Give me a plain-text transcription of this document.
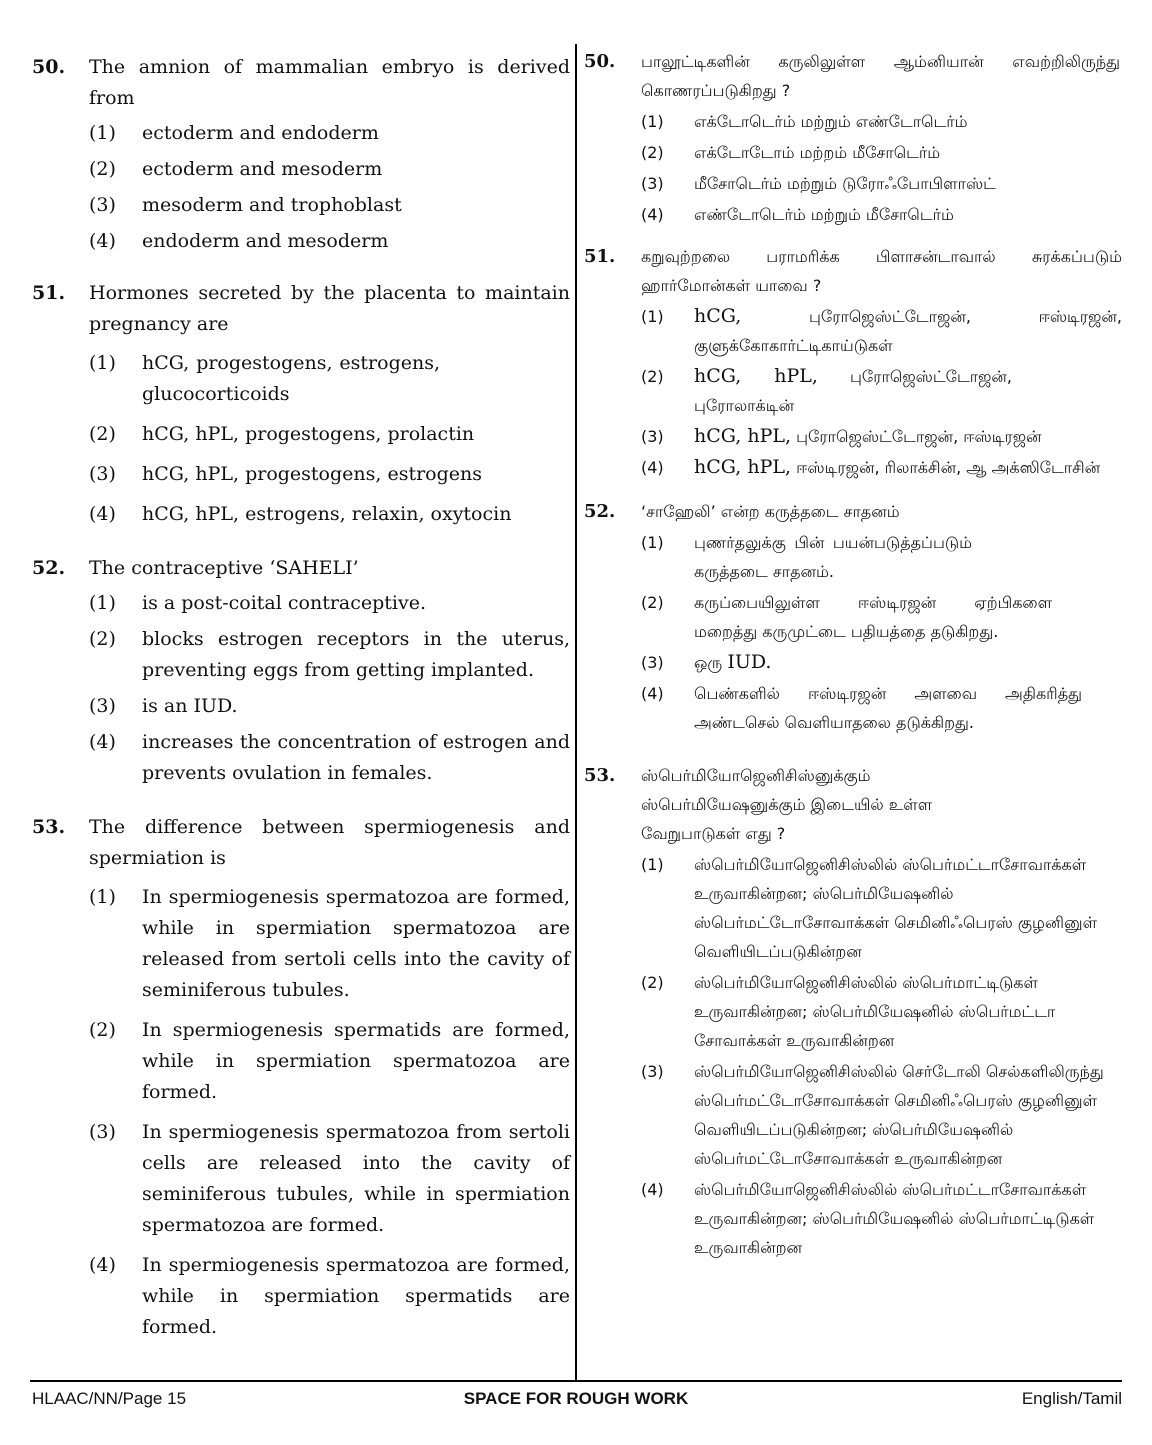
50. The amnion of mammalian embryo is derived from
(1) ectoderm and endoderm
(2) ectoderm and mesoderm
(3) mesoderm and trophoblast
(4) endoderm and mesoderm
51. Hormones secreted by the placenta to maintain pregnancy are
(1) hCG, progestogens, estrogens, glucocorticoids
(2) hCG, hPL, progestogens, prolactin
(3) hCG, hPL, progestogens, estrogens
(4) hCG, hPL, estrogens, relaxin, oxytocin
52. The contraceptive ‘SAHELI’
(1) is a post-coital contraceptive.
(2) blocks estrogen receptors in the uterus, preventing eggs from getting implanted.
(3) is an IUD.
(4) increases the concentration of estrogen and prevents ovulation in females.
53. The difference between spermiogenesis and spermiation is
(1) In spermiogenesis spermatozoa are formed, while in spermiation spermatozoa are released from sertoli cells into the cavity of seminiferous tubules.
(2) In spermiogenesis spermatids are formed, while in spermiation spermatozoa are formed.
(3) In spermiogenesis spermatozoa from sertoli cells are released into the cavity of seminiferous tubules, while in spermiation spermatozoa are formed.
(4) In spermiogenesis spermatozoa are formed, while in spermiation spermatids are formed.
50. பாலூட்டிகளின் கருலிலுள்ள ஆம்னியான் எவற்றிலிருந்து கொணரப்படுகிறது ?
(1) எக்டோடெர்ம் மற்றும் எண்டோடெர்ம்
(2) எக்டோடோம் மற்றம் மீசோடெர்ம்
(3) மீசோடெர்ம் மற்றும் டுரோஃபோபிளாஸ்ட்
(4) எண்டோடெர்ம் மற்றும் மீசோடெர்ம்
51. கறுவுற்றலை பராமரிக்க பிளாசன்டாவால் சுரக்கப்படும் ஹார்மோன்கள் யாவை ?
(1) hCG,	புரோஜெஸ்ட்டோஜன், ஈஸ்டிரஜன், குளுக்கோகார்ட்டிகாய்டுகள்
(2) hCG, hPL, புரோஜெஸ்ட்டோஜன், புரோலாக்டின்
(3) hCG, hPL, புரோஜெஸ்ட்டோஜன், ஈஸ்டிரஜன்
(4) hCG, hPL, ஈஸ்டிரஜன், ரிலாக்சின், ஆ அக்ஸிடோசின்
52. ‘சாஹேலி’ என்ற கருத்தடை சாதனம்
(1) புணர்தலுக்கு பின் பயன்படுத்தப்படும் கருத்தடை சாதனம்.
(2) கருப்பையிலுள்ள ஈஸ்டிரஜன் ஏற்பிகளை மறைத்து கருமுட்டை பதியத்தை தடுகிறது.
(3) ஒரு IUD.
(4) பெண்களில் ஈஸ்டிரஜன் அளவை அதிகரித்து அண்டசெல் வெளியாதலை தடுக்கிறது.
53. ஸ்பெர்மியோஜெனிசிஸ்னுக்கும் ஸ்பெர்மியேஷனுக்கும் இடையில் உள்ள வேறுபாடுகள் எது ?
(1) ஸ்பெர்மியோஜெனிசிஸ்லில் ஸ்பெர்மட்டாசோவாக்கள் உருவாகின்றன; ஸ்பெர்மியேஷனில் ஸ்பெர்மட்டோசோவாக்கள் செமினிஃபெரஸ் குழனினுள் வெளியிடப்படுகின்றன
(2) ஸ்பெர்மியோஜெனிசிஸ்லில் ஸ்பெர்மாட்டிடுகள் உருவாகின்றன; ஸ்பெர்மியேஷனில் ஸ்பெர்மட்டா சோவாக்கள் உருவாகின்றன
(3) ஸ்பெர்மியோஜெனிசிஸ்லில் செர்டோலி செல்களிலிருந்து ஸ்பெர்மட்டோசோவாக்கள் செமினிஃபெரஸ் குழனினுள் வெளியிடப்படுகின்றன; ஸ்பெர்மியேஷனில் ஸ்பெர்மட்டோசோவாக்கள் உருவாகின்றன
(4) ஸ்பெர்மியோஜெனிசிஸ்லில் ஸ்பெர்மட்டாசோவாக்கள் உருவாகின்றன; ஸ்பெர்மியேஷனில் ஸ்பெர்மாட்டிடுகள் உருவாகின்றன
HLAAC/NN/Page 15	SPACE FOR ROUGH WORK	English/Tamil
